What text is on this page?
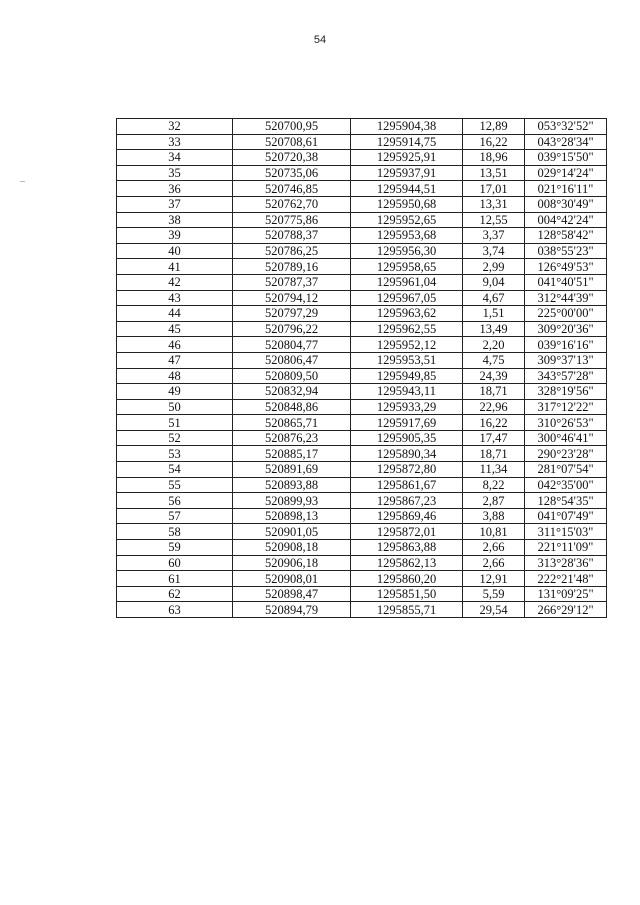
54
32	520700,95	1295904,38	12,89	053°32'52"
33	520708,61	1295914,75	16,22	043°28'34"
34	520720,38	1295925,91	18,96	039°15'50"
35	520735,06	1295937,91	13,51	029°14'24"
36	520746,85	1295944,51	17,01	021°16'11"
37	520762,70	1295950,68	13,31	008°30'49"
38	520775,86	1295952,65	12,55	004°42'24"
39	520788,37	1295953,68	3,37	128°58'42"
40	520786,25	1295956,30	3,74	038°55'23"
41	520789,16	1295958,65	2,99	126°49'53"
42	520787,37	1295961,04	9,04	041°40'51"
43	520794,12	1295967,05	4,67	312°44'39"
44	520797,29	1295963,62	1,51	225°00'00"
45	520796,22	1295962,55	13,49	309°20'36"
46	520804,77	1295952,12	2,20	039°16'16"
47	520806,47	1295953,51	4,75	309°37'13"
48	520809,50	1295949,85	24,39	343°57'28"
49	520832,94	1295943,11	18,71	328°19'56"
50	520848,86	1295933,29	22,96	317°12'22"
51	520865,71	1295917,69	16,22	310°26'53"
52	520876,23	1295905,35	17,47	300°46'41"
53	520885,17	1295890,34	18,71	290°23'28"
54	520891,69	1295872,80	11,34	281°07'54"
55	520893,88	1295861,67	8,22	042°35'00"
56	520899,93	1295867,23	2,87	128°54'35"
57	520898,13	1295869,46	3,88	041°07'49"
58	520901,05	1295872,01	10,81	311°15'03"
59	520908,18	1295863,88	2,66	221°11'09"
60	520906,18	1295862,13	2,66	313°28'36"
61	520908,01	1295860,20	12,91	222°21'48"
62	520898,47	1295851,50	5,59	131°09'25"
63	520894,79	1295855,71	29,54	266°29'12"
